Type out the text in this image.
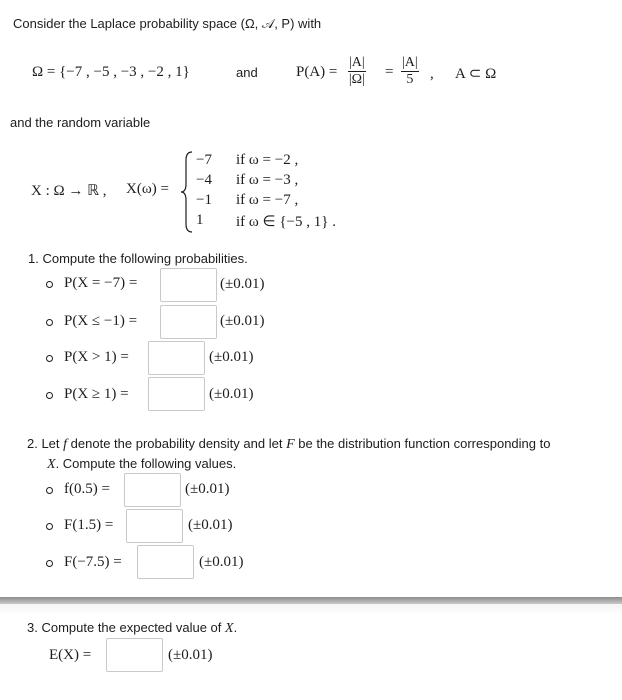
Consider the Laplace probability space (Ω, 𝒜, P) with
Ω = {−7 , −5 , −3 , −2 , 1}	and	$P(A) = \frac{|A|}{|\Omega|} = \frac{|A|}{5}$ , A ⊂ Ω
and the random variable
X : Ω → ℝ , X(ω) =
−7 if ω = −2 ,
−4 if ω = −3 ,
−1 if ω = −7 ,
1 if ω ∈ {−5 , 1} .
1. Compute the following probabilities.
P(X = −7) =	(±0.01)
P(X ≤ −1) =	(±0.01)
P(X > 1) =	(±0.01)
P(X ≥ 1) =	(±0.01)
2. Let f denote the probability density and let F be the distribution function corresponding to
X. Compute the following values.
f(0.5) =	(±0.01)
F(1.5) =	(±0.01)
F(−7.5) =	(±0.01)
3. Compute the expected value of X.
E(X) =	(±0.01)
